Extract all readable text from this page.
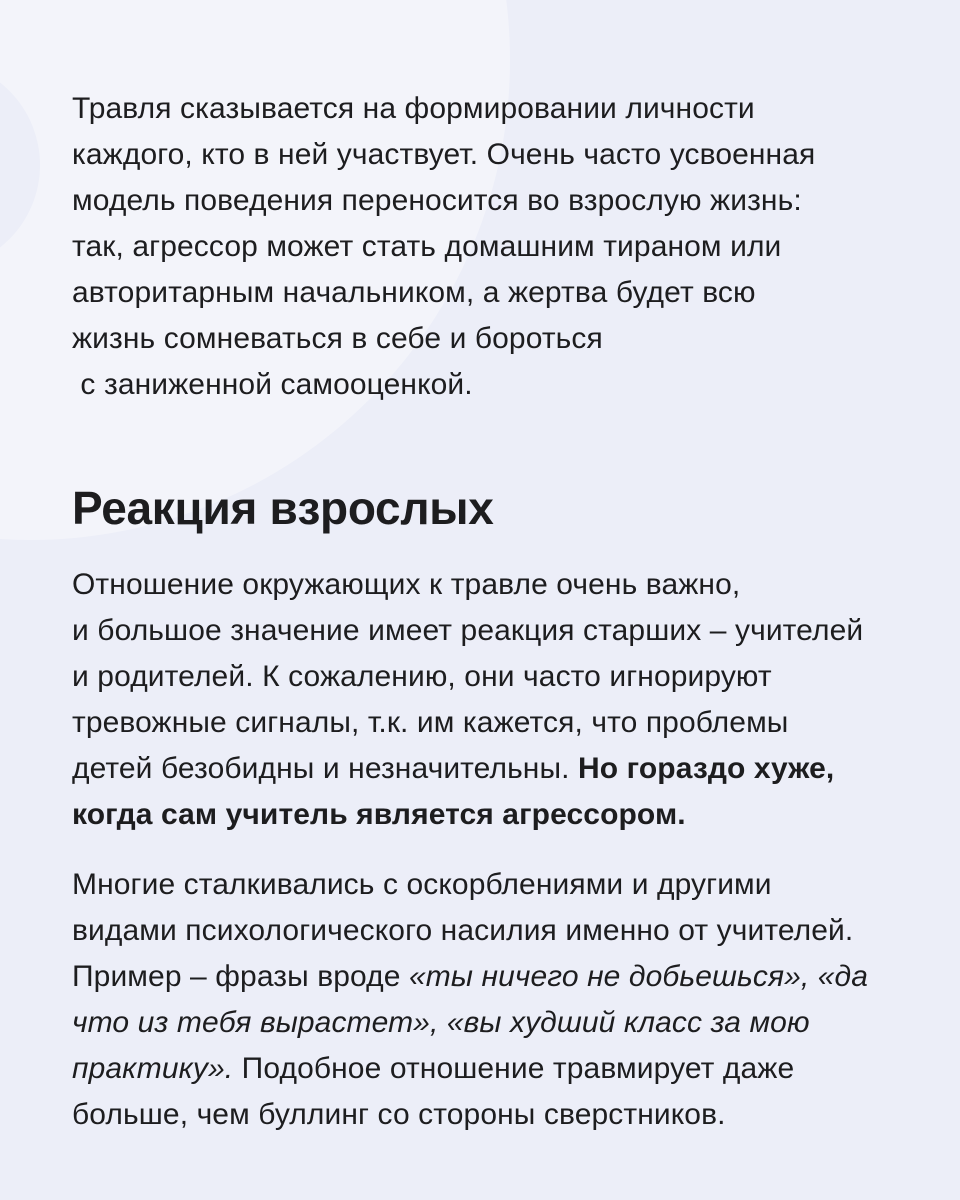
Травля сказывается на формировании личности
каждого, кто в ней участвует. Очень часто усвоенная
модель поведения переносится во взрослую жизнь:
так, агрессор может стать домашним тираном или
авторитарным начальником, а жертва будет всю
жизнь сомневаться в себе и бороться
с заниженной самооценкой.

Реакция взрослых

Отношение окружающих к травле очень важно,
и большое значение имеет реакция старших – учителей
и родителей. К сожалению, они часто игнорируют
тревожные сигналы, т.к. им кажется, что проблемы
детей безобидны и незначительны. Но гораздо хуже,
когда сам учитель является агрессором.

Многие сталкивались с оскорблениями и другими
видами психологического насилия именно от учителей.
Пример – фразы вроде «ты ничего не добьешься», «да
что из тебя вырастет», «вы худший класс за мою
практику». Подобное отношение травмирует даже
больше, чем буллинг со стороны сверстников.
